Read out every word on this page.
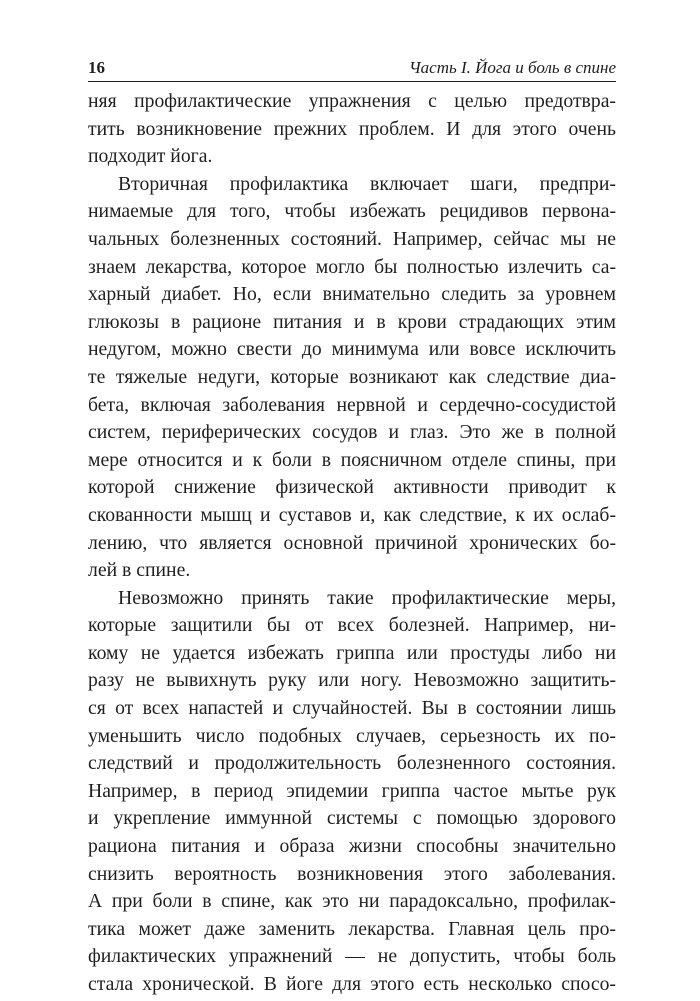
16	Часть I. Йога и боль в спине
няя профилактические упражнения с целью предотвра-
тить возникновение прежних проблем. И для этого очень
подходит йога.
Вторичная профилактика включает шаги, предпри-
нимаемые для того, чтобы избежать рецидивов первона-
чальных болезненных состояний. Например, сейчас мы не
знаем лекарства, которое могло бы полностью излечить са-
харный диабет. Но, если внимательно следить за уровнем
глюкозы в рационе питания и в крови страдающих этим
недугом, можно свести до минимума или вовсе исключить
те тяжелые недуги, которые возникают как следствие диа-
бета, включая заболевания нервной и сердечно-сосудистой
систем, периферических сосудов и глаз. Это же в полной
мере относится и к боли в поясничном отделе спины, при
которой снижение физической активности приводит к
скованности мышц и суставов и, как следствие, к их ослаб-
лению, что является основной причиной хронических бо-
лей в спине.
Невозможно принять такие профилактические меры,
которые защитили бы от всех болезней. Например, ни-
кому не удается избежать гриппа или простуды либо ни
разу не вывихнуть руку или ногу. Невозможно защитить-
ся от всех напастей и случайностей. Вы в состоянии лишь
уменьшить число подобных случаев, серьезность их по-
следствий и продолжительность болезненного состояния.
Например, в период эпидемии гриппа частое мытье рук
и укрепление иммунной системы с помощью здорового
рациона питания и образа жизни способны значительно
снизить вероятность возникновения этого заболевания.
А при боли в спине, как это ни парадоксально, профилак-
тика может даже заменить лекарства. Главная цель про-
филактических упражнений — не допустить, чтобы боль
стала хронической. В йоге для этого есть несколько спосо-
